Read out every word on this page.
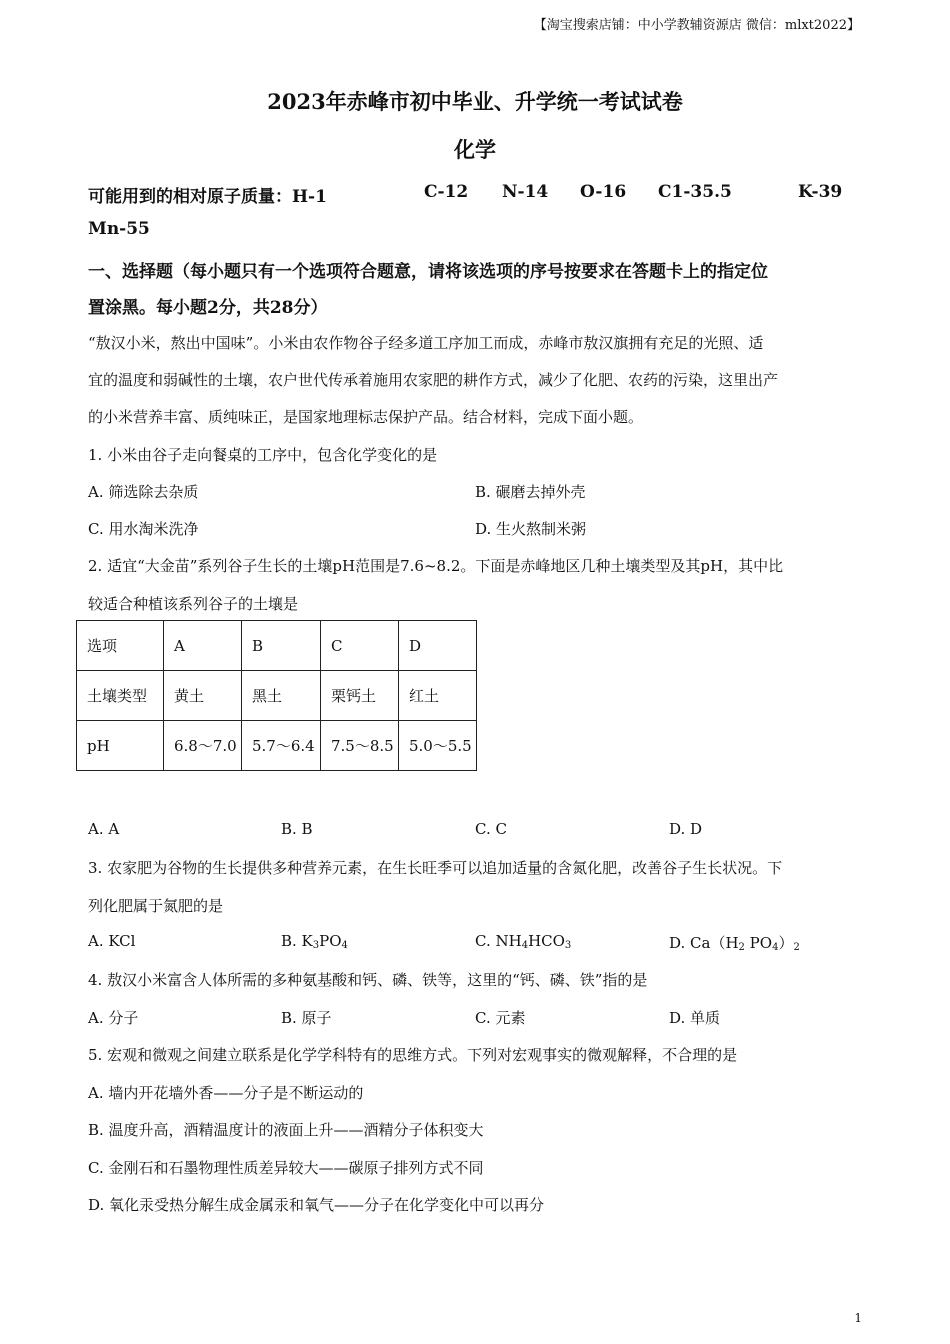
【淘宝搜索店铺：中小学教辅资源店 微信：mlxt2022】
2023年赤峰市初中毕业、升学统一考试试卷
化学
可能用到的相对原子质量：H-1	C-12 N-14 O-16 C1-35.5	K-39
Mn-55
一、选择题（每小题只有一个选项符合题意，请将该选项的序号按要求在答题卡上的指定位
置涂黑。每小题2分，共28分）
“敖汉小米，熬出中国味”。小米由农作物谷子经多道工序加工而成，赤峰市敖汉旗拥有充足的光照、适
宜的温度和弱碱性的土壤，农户世代传承着施用农家肥的耕作方式，减少了化肥、农药的污染，这里出产
的小米营养丰富、质纯味正，是国家地理标志保护产品。结合材料，完成下面小题。
1. 小米由谷子走向餐桌的工序中，包含化学变化的是
A. 筛选除去杂质	B. 碾磨去掉外壳
C. 用水淘米洗净	D. 生火熬制米粥
2. 适宜“大金苗”系列谷子生长的土壤pH范围是7.6~8.2。下面是赤峰地区几种土壤类型及其pH，其中比
较适合种植该系列谷子的土壤是
选项	A	B	C	D
土壤类型	黄土	黑土	栗钙土	红土
pH	6.8～7.0	5.7～6.4	7.5～8.5	5.0～5.5
A. A	B. B	C. C	D. D
3. 农家肥为谷物的生长提供多种营养元素，在生长旺季可以追加适量的含氮化肥，改善谷子生长状况。下
列化肥属于氮肥的是
A. KCl	B. $K_3PO_4$	C. $NH_4HCO_3$	D. $Ca(H_2$ $PO_4)_2$
4. 敖汉小米富含人体所需的多种氨基酸和钙、磷、铁等，这里的“钙、磷、铁”指的是
A. 分子	B. 原子	C. 元素	D. 单质
5. 宏观和微观之间建立联系是化学学科特有的思维方式。下列对宏观事实的微观解释，不合理的是
A. 墙内开花墙外香——分子是不断运动的
B. 温度升高，酒精温度计的液面上升——酒精分子体积变大
C. 金刚石和石墨物理性质差异较大——碳原子排列方式不同
D. 氧化汞受热分解生成金属汞和氧气——分子在化学变化中可以再分
1
